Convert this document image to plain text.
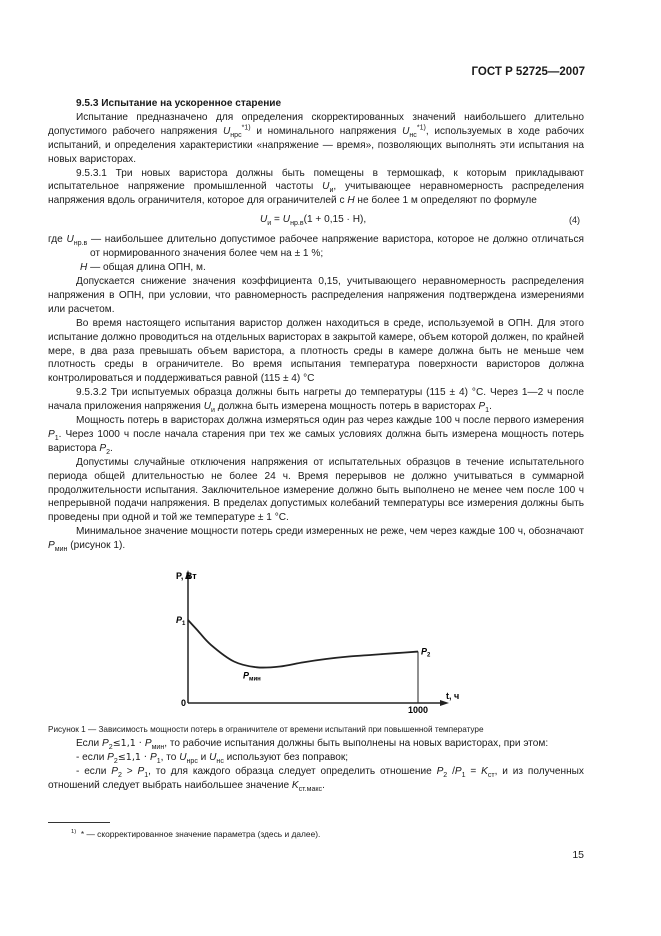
ГОСТ Р 52725—2007

9.5.3 Испытание на ускоренное старение

Испытание предназначено для определения скорректированных значений наибольшего длительно допустимого рабочего напряжения $U_{нрс}^{*1)}$ и номинального напряжения $U_{нс}^{*1)}$, используемых в ходе рабочих испытаний, и определения характеристики «напряжение — время», позволяющих выполнять эти испытания на новых варисторах.

9.5.3.1 Три новых варистора должны быть помещены в термошкаф, к которым прикладывают испытательное напряжение промышленной частоты $U_и$, учитывающее неравномерность распределения напряжения вдоль ограничителя, которое для ограничителей с H не более 1 м определяют по формуле

$U_и = U_{нр.в}(1 + 0,15 \cdot H)$,	(4)

где $U_{нр.в}$ — наибольшее длительно допустимое рабочее напряжение варистора, которое не должно отличаться от нормированного значения более чем на ± 1 %;

H — общая длина ОПН, м.

Допускается снижение значения коэффициента 0,15, учитывающего неравномерность распределения напряжения в ОПН, при условии, что равномерность распределения напряжения подтверждена измерениями или расчетом.

Во время настоящего испытания варистор должен находиться в среде, используемой в ОПН. Для этого испытание должно проводиться на отдельных варисторах в закрытой камере, объем которой должен, по крайней мере, в два раза превышать объем варистора, а плотность среды в камере должна быть не меньше чем плотность среды в ограничителе. Во время испытания температура поверхности варисторов должна контролироваться и поддерживаться равной (115 ± 4) °С

9.5.3.2 Три испытуемых образца должны быть нагреты до температуры (115 ± 4) °С. Через 1—2 ч после начала приложения напряжения $U_и$ должна быть измерена мощность потерь в варисторах $P_1$.

Мощность потерь в варисторах должна измеряться один раз через каждые 100 ч после первого измерения $P_1$. Через 1000 ч после начала старения при тех же самых условиях должна быть измерена мощность потерь варистора $P_2$.

Допустимы случайные отключения напряжения от испытательных образцов в течение испытательного периода общей длительностью не более 24 ч. Время перерывов не должно учитываться в суммарной продолжительности испытания. Заключительное измерение должно быть выполнено не менее чем после 100 ч непрерывной подачи напряжения. В пределах допустимых колебаний температуры все измерения должны быть проведены при одной и той же температуре ± 1 °С.

Минимальное значение мощности потерь среди измеренных не реже, чем через каждые 100 ч, обозначают $P_{мин}$ (рисунок 1).

P, Вт
t, ч
0
1000
$P_1$
$P_{мин}$
$P_2$

Рисунок 1 — Зависимость мощности потерь в ограничителе от времени испытаний при повышенной температуре

Если $P_2\le 1,1 \cdot P_{мин}$, то рабочие испытания должны быть выполнены на новых варисторах, при этом:

- если $P_2\le 1,1 \cdot P_1$, то $U_{нрс}$ и $U_{нс}$ используют без поправок;

- если $P_2 > P_1$, то для каждого образца следует определить отношение $P_2$ $/P_1 = K_{ст}$, и из полученных отношений следует выбрать наибольшее значение $K_{ст.макс}$.

$^{1)}$ * — скорректированное значение параметра (здесь и далее).
15
